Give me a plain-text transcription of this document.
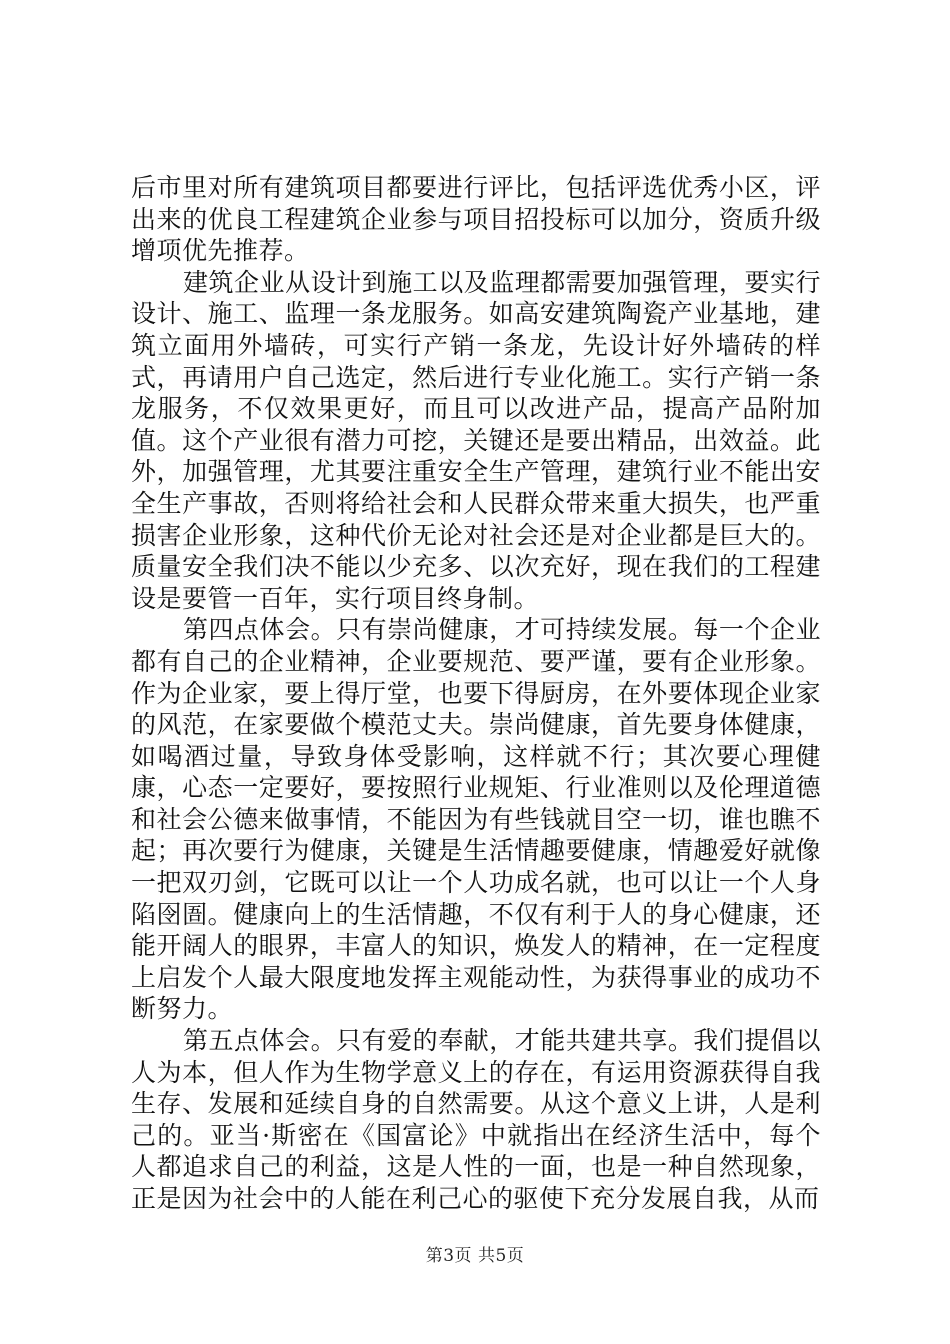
后市里对所有建筑项目都要进行评比，包括评选优秀小区，评出来的优良工程建筑企业参与项目招投标可以加分，资质升级增项优先推荐。

建筑企业从设计到施工以及监理都需要加强管理，要实行设计、施工、监理一条龙服务。如高安建筑陶瓷产业基地，建筑立面用外墙砖，可实行产销一条龙，先设计好外墙砖的样式，再请用户自己选定，然后进行专业化施工。实行产销一条龙服务，不仅效果更好，而且可以改进产品，提高产品附加值。这个产业很有潜力可挖，关键还是要出精品，出效益。此外，加强管理，尤其要注重安全生产管理，建筑行业不能出安全生产事故，否则将给社会和人民群众带来重大损失，也严重损害企业形象，这种代价无论对社会还是对企业都是巨大的。质量安全我们决不能以少充多、以次充好，现在我们的工程建设是要管一百年，实行项目终身制。

第四点体会。只有崇尚健康，才可持续发展。每一个企业都有自己的企业精神，企业要规范、要严谨，要有企业形象。作为企业家，要上得厅堂，也要下得厨房，在外要体现企业家的风范，在家要做个模范丈夫。崇尚健康，首先要身体健康，如喝酒过量，导致身体受影响，这样就不行；其次要心理健康，心态一定要好，要按照行业规矩、行业准则以及伦理道德和社会公德来做事情，不能因为有些钱就目空一切，谁也瞧不起；再次要行为健康，关键是生活情趣要健康，情趣爱好就像一把双刃剑，它既可以让一个人功成名就，也可以让一个人身陷囹圄。健康向上的生活情趣，不仅有利于人的身心健康，还能开阔人的眼界，丰富人的知识，焕发人的精神，在一定程度上启发个人最大限度地发挥主观能动性，为获得事业的成功不断努力。

第五点体会。只有爱的奉献，才能共建共享。我们提倡以人为本，但人作为生物学意义上的存在，有运用资源获得自我生存、发展和延续自身的自然需要。从这个意义上讲，人是利己的。亚当·斯密在《国富论》中就指出在经济生活中，每个人都追求自己的利益，这是人性的一面，也是一种自然现象，正是因为社会中的人能在利己心的驱使下充分发展自我，从而

第3页 共5页
